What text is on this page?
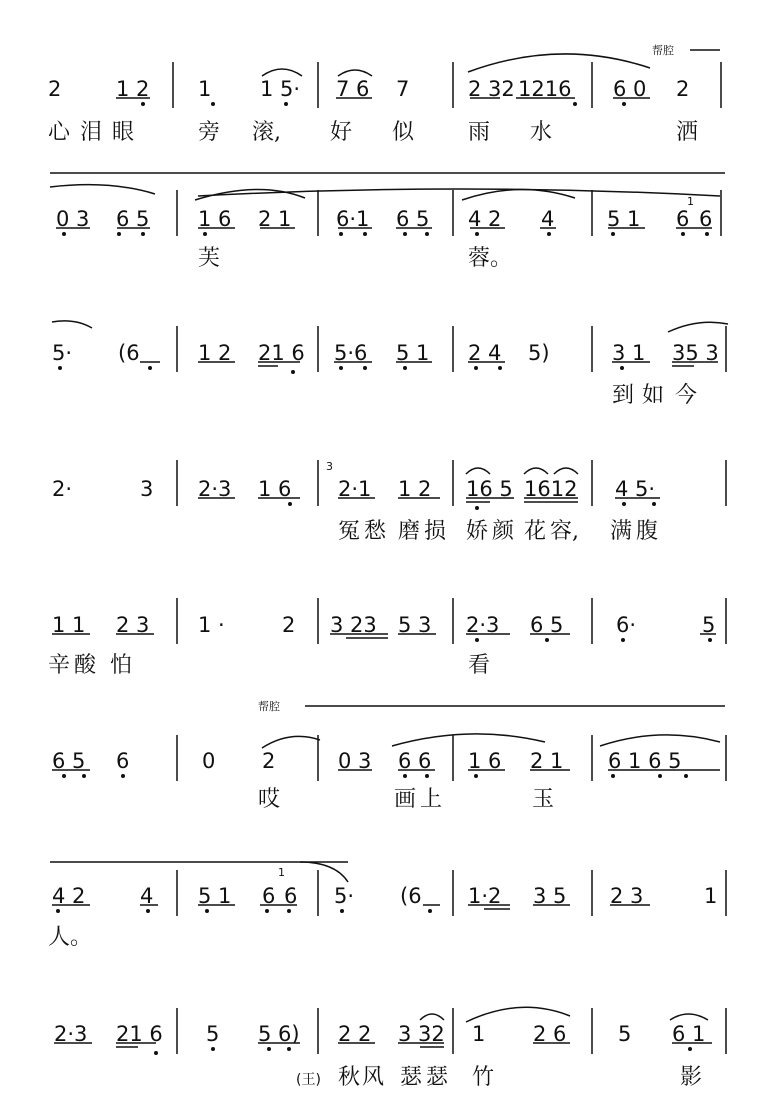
帮腔
帮腔
1
3
1
2	1 2 1 1 5· 7 6 7	2 32 1216 6 0 2
0 3 6 5 1 6 2 1 6·1 6 5 4 2 4	5 1 6 6
5· (6	1 2 21 6 5·6 5 1 2 4 5)	3 1 35 3
2·	3 2·3 1 6 2·1 1 2 16 5 1612 4 5·
1 1 2 3 1 ·	2 3 23 5 3 2·3 6 5	6·	5
6 5 6	0 2	0 3 6 6 1 6 2 1 6 1 6 5
4 2	4 5 1 6 6 5· (6 1·2 3 5 2 3	1
2·3 21 6 5 5 6) 2 2 3 32 1 2 6 5 6 1
心 泪 眼	旁 滚, 好 似 雨 水	洒
芙	蓉。
到 如 今
冤 愁 磨 损 娇 颜 花 容, 满 腹
辛 酸 怕	看
哎	画 上	玉
人。
(王) 秋 风 瑟 瑟 竹	影
